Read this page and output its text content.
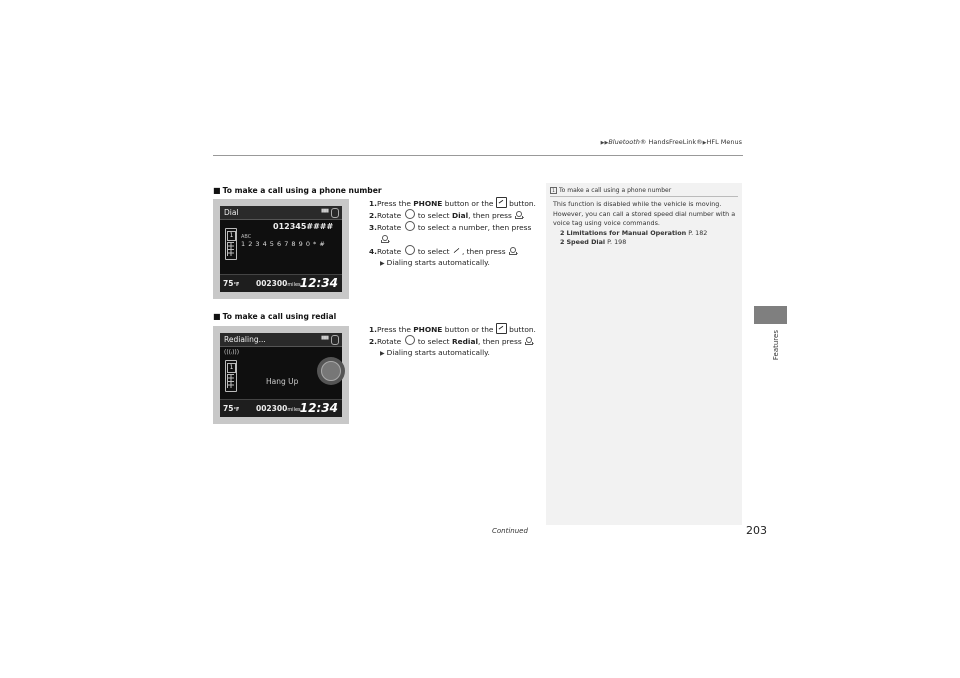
▶▶Bluetooth® HandsFreeLink®▶HFL Menus
Features
■ To make a call using a phone number
Dial	▮▮▮▮
012345####
1	ABC
1 2 3 4 5 6 7 8 9 0 * #
75°F 002300miles 12:34
1.Press the PHONE button or the  button.
2.Rotate  to select Dial, then press .
3.Rotate  to select a number, then press
.
4.Rotate  to select , then press .
▶ Dialing starts automatically.
■ To make a call using redial
Redialing...	▮▮▮▮
(((ᵢ)))
1
Hang Up
75°F 002300miles 12:34
1.Press the PHONE button or the  button.
2.Rotate  to select Redial, then press .
▶ Dialing starts automatically.
1 To make a call using a phone number
This function is disabled while the vehicle is moving. However, you can call a stored speed dial number with a voice tag using voice commands.
2 Limitations for Manual Operation P. 182
2 Speed Dial P. 198
Continued	203
